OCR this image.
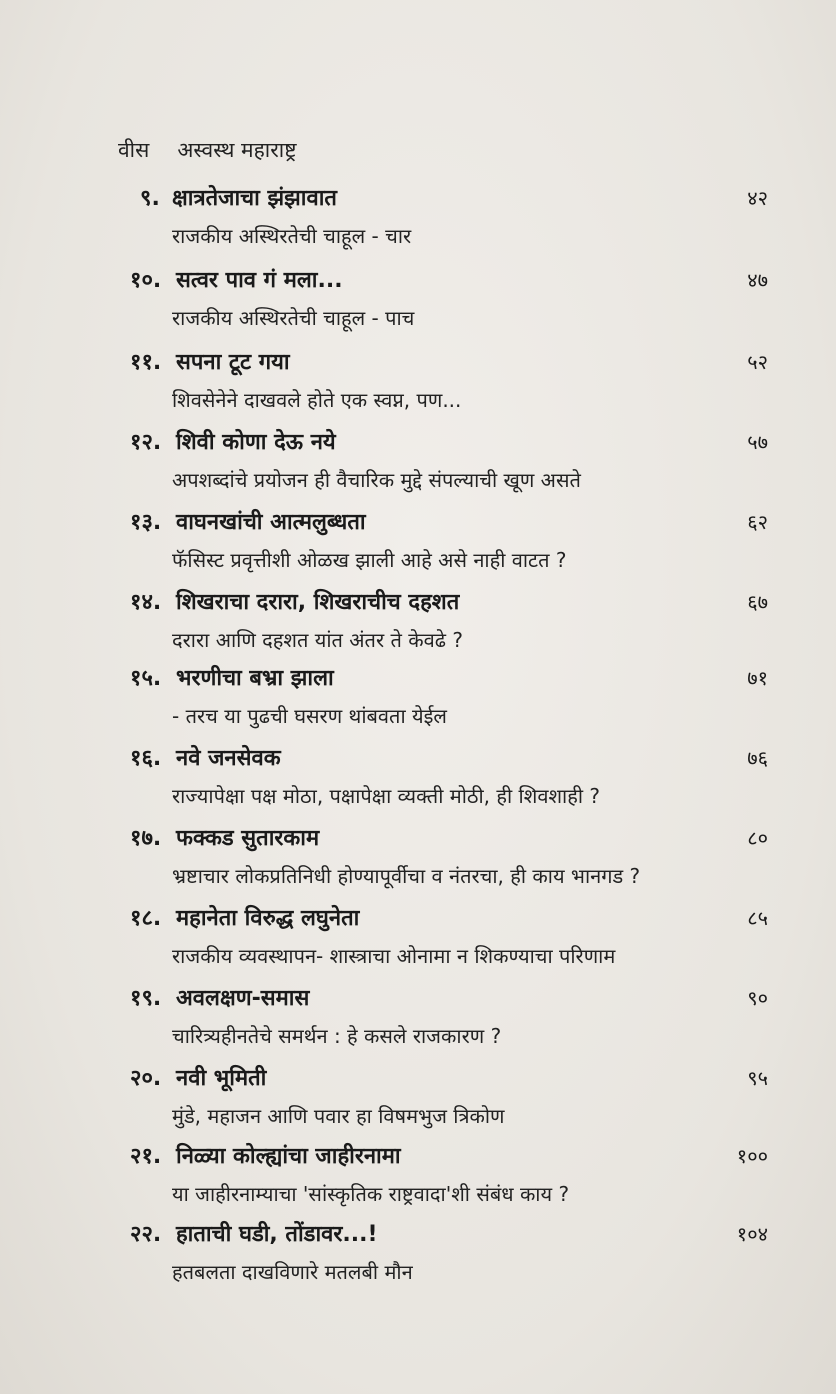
वीस अस्वस्थ महाराष्ट्र
९. क्षात्रतेजाचा झंझावात	४२
राजकीय अस्थिरतेची चाहूल - चार
१०. सत्वर पाव गं मला...	४७
राजकीय अस्थिरतेची चाहूल - पाच
११. सपना टूट गया	५२
शिवसेनेने दाखवले होते एक स्वप्न, पण...
१२. शिवी कोणा देऊ नये	५७
अपशब्दांचे प्रयोजन ही वैचारिक मुद्दे संपल्याची खूण असते
१३. वाघनखांची आत्मलुब्धता	६२
फॅसिस्ट प्रवृत्तीशी ओळख झाली आहे असे नाही वाटत ?
१४. शिखराचा दरारा, शिखराचीच दहशत	६७
दरारा आणि दहशत यांत अंतर ते केवढे ?
१५. भरणीचा बभ्रा झाला	७१
- तरच या पुढची घसरण थांबवता येईल
१६. नवे जनसेवक	७६
राज्यापेक्षा पक्ष मोठा, पक्षापेक्षा व्यक्ती मोठी, ही शिवशाही ?
१७. फक्कड सुतारकाम	८०
भ्रष्टाचार लोकप्रतिनिधी होण्यापूर्वीचा व नंतरचा, ही काय भानगड ?
१८. महानेता विरुद्ध लघुनेता	८५
राजकीय व्यवस्थापन- शास्त्राचा ओनामा न शिकण्याचा परिणाम
१९. अवलक्षण-समास	९०
चारित्र्यहीनतेचे समर्थन : हे कसले राजकारण ?
२०. नवी भूमिती	९५
मुंडे, महाजन आणि पवार हा विषमभुज त्रिकोण
२१. निळ्या कोल्ह्यांचा जाहीरनामा	१००
या जाहीरनाम्याचा 'सांस्कृतिक राष्ट्रवादा'शी संबंध काय ?
२२. हाताची घडी, तोंडावर...!	१०४
हतबलता दाखविणारे मतलबी मौन
